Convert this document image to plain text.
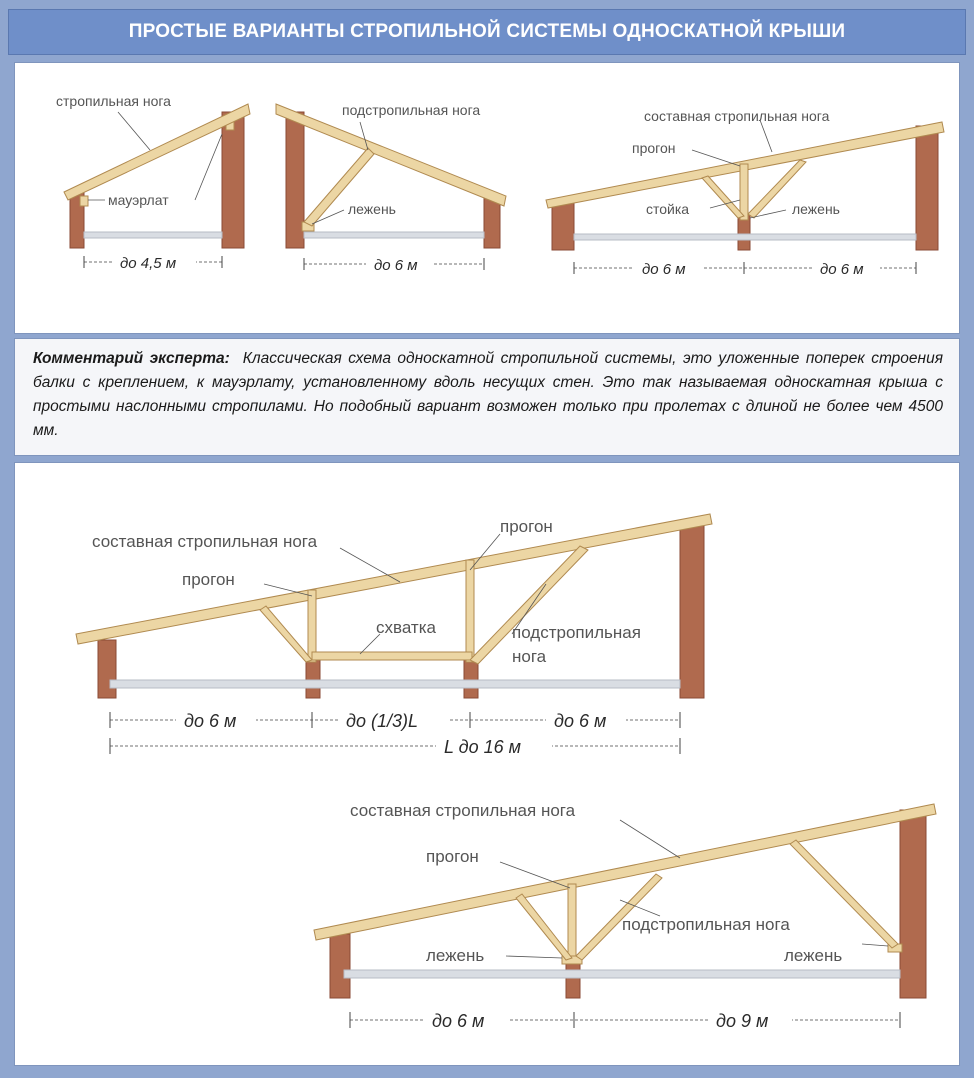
ПРОСТЫЕ ВАРИАНТЫ СТРОПИЛЬНОЙ СИСТЕМЫ ОДНОСКАТНОЙ КРЫШИ
Комментарий эксперта: Классическая схема односкатной стропильной системы, это уложенные поперек строения балки с креплением, к мауэрлату, установленному вдоль несущих стен. Это так называемая односкатная крыша с простыми наслонными стропилами. Но подобный вариант возможен только при пролетах с длиной не более чем 4500 мм.
стропильная нога
мауэрлат
до 4,5 м
подстропильная нога
лежень
до 6 м
составная стропильная нога
прогон
стойка	лежень
до 6 м	до 6 м
составная стропильная нога
прогон
прогон
схватка	подстропильная
нога
до 6 м	до (1/3)L	до 6 м
L до 16 м
составная стропильная нога
прогон
подстропильная нога
лежень	лежень
до 6 м	до 9 м
